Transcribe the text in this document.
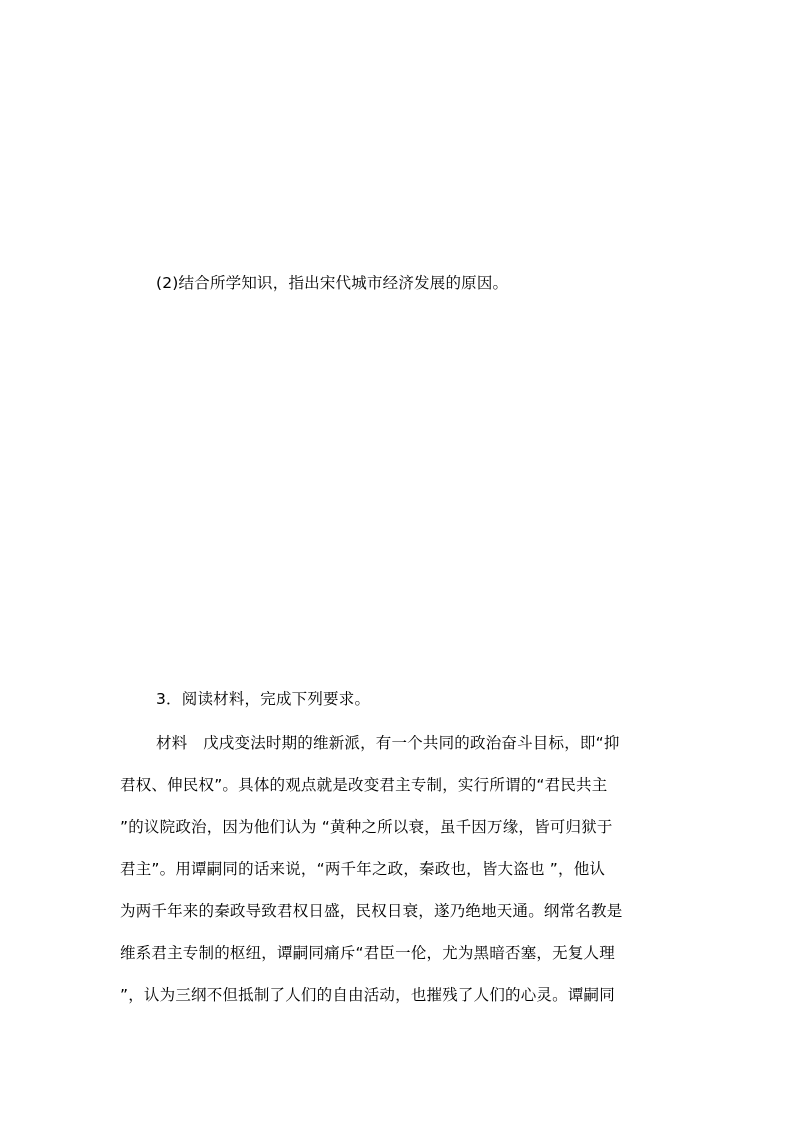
(2)结合所学知识，指出宋代城市经济发展的原因。
3．阅读材料，完成下列要求。
材料　戊戌变法时期的维新派，有一个共同的政治奋斗目标，即“抑
君权、伸民权”。具体的观点就是改变君主专制，实行所谓的“君民共主
”的议院政治，因为他们认为 “黄种之所以衰，虽千因万缘，皆可归狱于
君主”。用谭嗣同的话来说，“两千年之政，秦政也，皆大盗也 ”，他认
为两千年来的秦政导致君权日盛，民权日衰，遂乃绝地天通。纲常名教是
维系君主专制的枢纽，谭嗣同痛斥“君臣一伦，尤为黑暗否塞，无复人理
”，认为三纲不但抵制了人们的自由活动，也摧残了人们的心灵。谭嗣同
